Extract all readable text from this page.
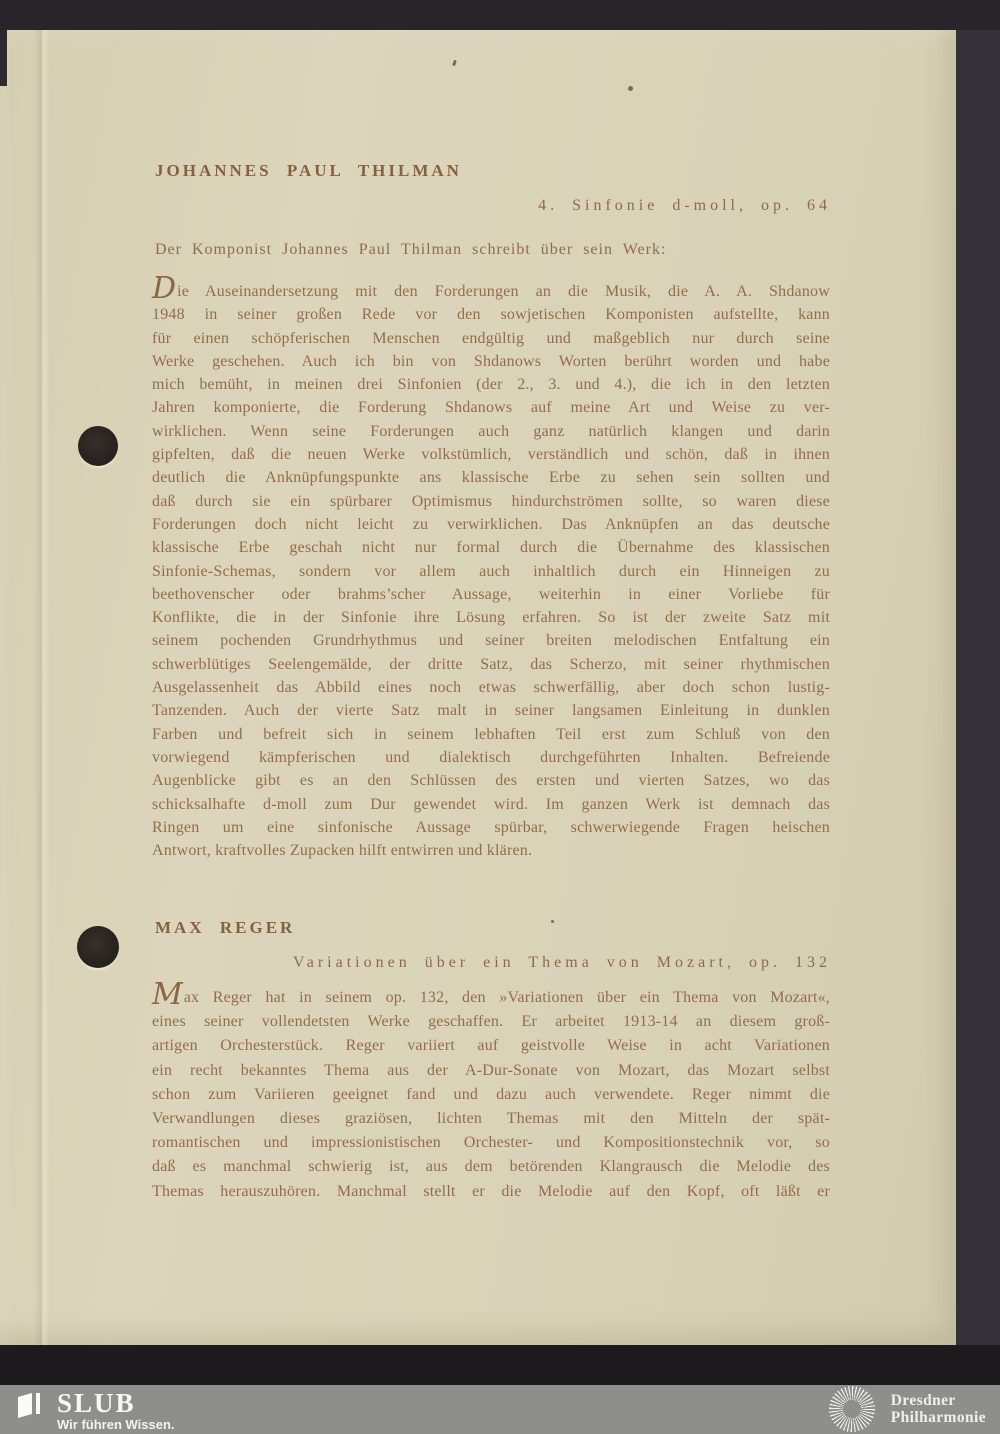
JOHANNES PAUL THILMAN
4. Sinfonie d-moll, op. 64

Der Komponist Johannes Paul Thilman schreibt über sein Werk:

Die Auseinandersetzung mit den Forderungen an die Musik, die A. A. Shdanow
1948 in seiner großen Rede vor den sowjetischen Komponisten aufstellte, kann
für einen schöpferischen Menschen endgültig und maßgeblich nur durch seine
Werke geschehen. Auch ich bin von Shdanows Worten berührt worden und habe
mich bemüht, in meinen drei Sinfonien (der 2., 3. und 4.), die ich in den letzten
Jahren komponierte, die Forderung Shdanows auf meine Art und Weise zu ver-
wirklichen. Wenn seine Forderungen auch ganz natürlich klangen und darin
gipfelten, daß die neuen Werke volkstümlich, verständlich und schön, daß in ihnen
deutlich die Anknüpfungspunkte ans klassische Erbe zu sehen sein sollten und
daß durch sie ein spürbarer Optimismus hindurchströmen sollte, so waren diese
Forderungen doch nicht leicht zu verwirklichen. Das Anknüpfen an das deutsche
klassische Erbe geschah nicht nur formal durch die Übernahme des klassischen
Sinfonie-Schemas, sondern vor allem auch inhaltlich durch ein Hinneigen zu
beethovenscher oder brahms’scher Aussage, weiterhin in einer Vorliebe für
Konflikte, die in der Sinfonie ihre Lösung erfahren. So ist der zweite Satz mit
seinem pochenden Grundrhythmus und seiner breiten melodischen Entfaltung ein
schwerblütiges Seelengemälde, der dritte Satz, das Scherzo, mit seiner rhythmischen
Ausgelassenheit das Abbild eines noch etwas schwerfällig, aber doch schon lustig-
Tanzenden. Auch der vierte Satz malt in seiner langsamen Einleitung in dunklen
Farben und befreit sich in seinem lebhaften Teil erst zum Schluß von den
vorwiegend kämpferischen und dialektisch durchgeführten Inhalten. Befreiende
Augenblicke gibt es an den Schlüssen des ersten und vierten Satzes, wo das
schicksalhafte d-moll zum Dur gewendet wird. Im ganzen Werk ist demnach das
Ringen um eine sinfonische Aussage spürbar, schwerwiegende Fragen heischen
Antwort, kraftvolles Zupacken hilft entwirren und klären.
MAX REGER
Variationen über ein Thema von Mozart, op. 132
Max Reger hat in seinem op. 132, den »Variationen über ein Thema von Mozart«,
eines seiner vollendetsten Werke geschaffen. Er arbeitet 1913-14 an diesem groß-
artigen Orchesterstück. Reger variiert auf geistvolle Weise in acht Variationen
ein recht bekanntes Thema aus der A-Dur-Sonate von Mozart, das Mozart selbst
schon zum Variieren geeignet fand und dazu auch verwendete. Reger nimmt die
Verwandlungen dieses graziösen, lichten Themas mit den Mitteln der spät-
romantischen und impressionistischen Orchester- und Kompositionstechnik vor, so
daß es manchmal schwierig ist, aus dem betörenden Klangrausch die Melodie des
Themas herauszuhören. Manchmal stellt er die Melodie auf den Kopf, oft läßt er
SLUB
Wir führen Wissen.
Dresdner
Philharmonie
